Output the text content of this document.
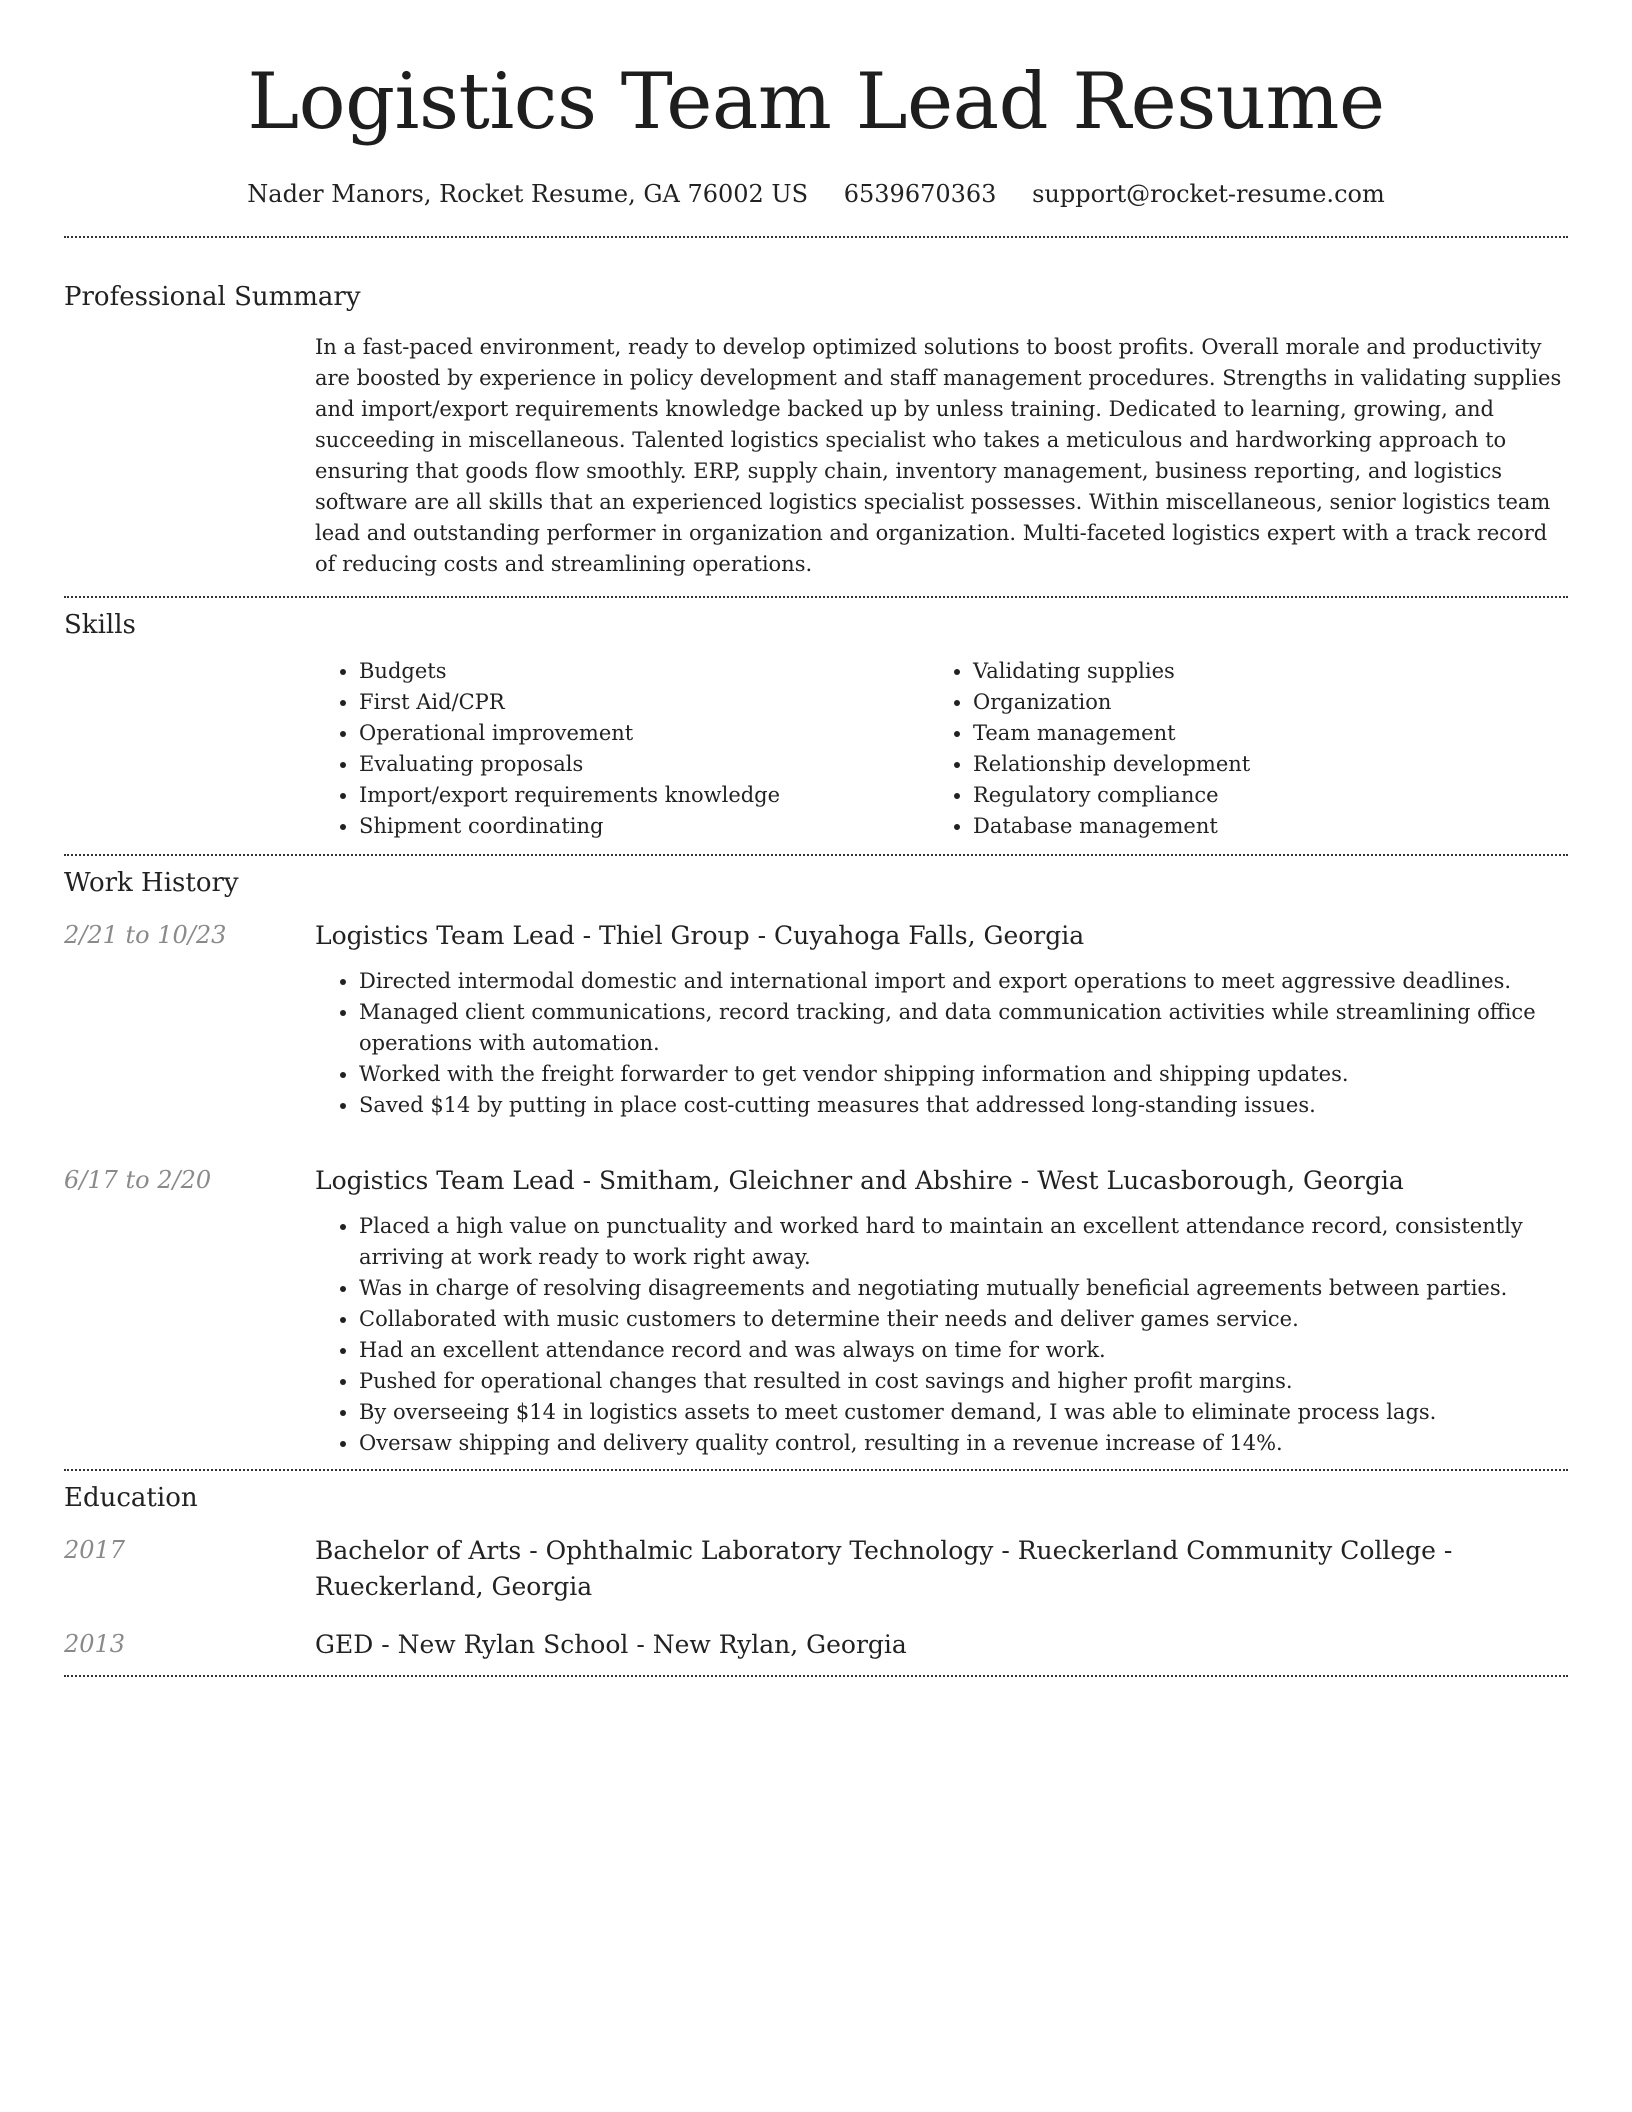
Logistics Team Lead Resume
Nader Manors, Rocket Resume, GA 76002 US 6539670363 support@rocket-resume.com
Professional Summary
In a fast-paced environment, ready to develop optimized solutions to boost profits. Overall morale and productivity are boosted by experience in policy development and staff management procedures. Strengths in validating supplies and import/export requirements knowledge backed up by unless training. Dedicated to learning, growing, and succeeding in miscellaneous. Talented logistics specialist who takes a meticulous and hardworking approach to ensuring that goods flow smoothly. ERP, supply chain, inventory management, business reporting, and logistics software are all skills that an experienced logistics specialist possesses. Within miscellaneous, senior logistics team lead and outstanding performer in organization and organization. Multi-faceted logistics expert with a track record of reducing costs and streamlining operations.
Skills
• Budgets
• First Aid/CPR
• Operational improvement
• Evaluating proposals
• Import/export requirements knowledge
• Shipment coordinating
• Validating supplies
• Organization
• Team management
• Relationship development
• Regulatory compliance
• Database management
Work History
2/21 to 10/23	Logistics Team Lead - Thiel Group - Cuyahoga Falls, Georgia
• Directed intermodal domestic and international import and export operations to meet aggressive deadlines.
• Managed client communications, record tracking, and data communication activities while streamlining office operations with automation.
• Worked with the freight forwarder to get vendor shipping information and shipping updates.
• Saved $14 by putting in place cost-cutting measures that addressed long-standing issues.
6/17 to 2/20	Logistics Team Lead - Smitham, Gleichner and Abshire - West Lucasborough, Georgia
• Placed a high value on punctuality and worked hard to maintain an excellent attendance record, consistently arriving at work ready to work right away.
• Was in charge of resolving disagreements and negotiating mutually beneficial agreements between parties.
• Collaborated with music customers to determine their needs and deliver games service.
• Had an excellent attendance record and was always on time for work.
• Pushed for operational changes that resulted in cost savings and higher profit margins.
• By overseeing $14 in logistics assets to meet customer demand, I was able to eliminate process lags.
• Oversaw shipping and delivery quality control, resulting in a revenue increase of 14%.
Education
2017	Bachelor of Arts - Ophthalmic Laboratory Technology - Rueckerland Community College - Rueckerland, Georgia
2013	GED - New Rylan School - New Rylan, Georgia
